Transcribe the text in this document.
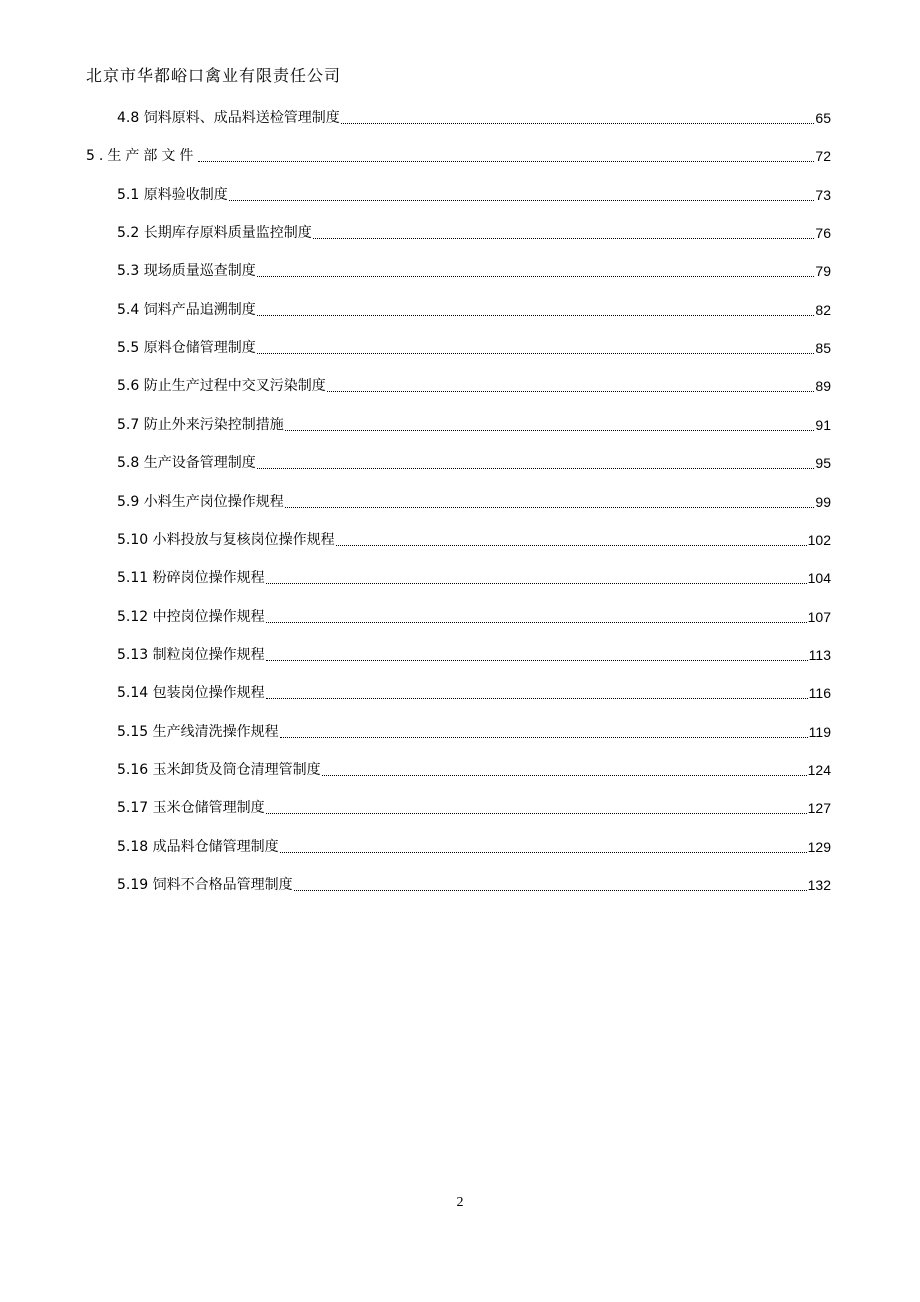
北京市华都峪口禽业有限责任公司
4.8 饲料原料、成品料送检管理制度	65
5.生产部文件	72
5.1 原料验收制度	73
5.2 长期库存原料质量监控制度	76
5.3 现场质量巡查制度	79
5.4 饲料产品追溯制度	82
5.5 原料仓储管理制度	85
5.6 防止生产过程中交叉污染制度	89
5.7 防止外来污染控制措施	91
5.8 生产设备管理制度	95
5.9 小料生产岗位操作规程	99
5.10 小料投放与复核岗位操作规程	102
5.11 粉碎岗位操作规程	104
5.12 中控岗位操作规程	107
5.13 制粒岗位操作规程	113
5.14 包装岗位操作规程	116
5.15 生产线清洗操作规程	119
5.16 玉米卸货及筒仓清理管制度	124
5.17 玉米仓储管理制度	127
5.18 成品料仓储管理制度	129
5.19 饲料不合格品管理制度	132
2
